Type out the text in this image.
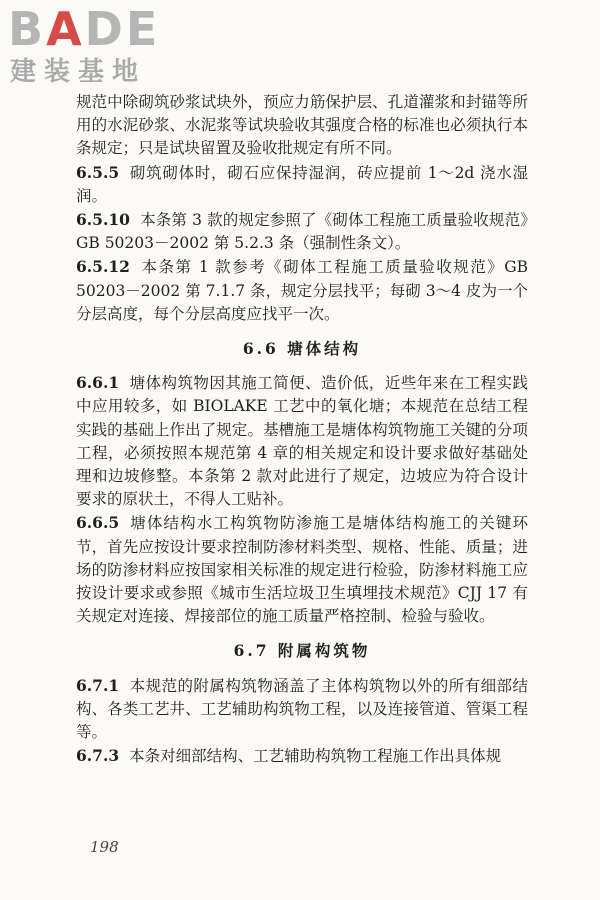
BADE
建装基地

规范中除砌筑砂浆试块外，预应力筋保护层、孔道灌浆和封锚等所用的水泥砂浆、水泥浆等试块验收其强度合格的标准也必须执行本条规定；只是试块留置及验收批规定有所不同。

6.5.5 砌筑砌体时，砌石应保持湿润，砖应提前 1～2d 浇水湿润。

6.5.10 本条第 3 款的规定参照了《砌体工程施工质量验收规范》GB 50203－2002 第 5.2.3 条（强制性条文）。

6.5.12 本条第 1 款参考《砌体工程施工质量验收规范》GB 50203－2002 第 7.1.7 条，规定分层找平；每砌 3～4 皮为一个分层高度，每个分层高度应找平一次。

6.6 塘体结构

6.6.1 塘体构筑物因其施工简便、造价低，近些年来在工程实践中应用较多，如 BIOLAKE 工艺中的氧化塘；本规范在总结工程实践的基础上作出了规定。基槽施工是塘体构筑物施工关键的分项工程，必须按照本规范第 4 章的相关规定和设计要求做好基础处理和边坡修整。本条第 2 款对此进行了规定，边坡应为符合设计要求的原状土，不得人工贴补。

6.6.5 塘体结构水工构筑物防渗施工是塘体结构施工的关键环节，首先应按设计要求控制防渗材料类型、规格、性能、质量；进场的防渗材料应按国家相关标准的规定进行检验，防渗材料施工应按设计要求或参照《城市生活垃圾卫生填埋技术规范》CJJ 17 有关规定对连接、焊接部位的施工质量严格控制、检验与验收。

6.7 附属构筑物

6.7.1 本规范的附属构筑物涵盖了主体构筑物以外的所有细部结构、各类工艺井、工艺辅助构筑物工程，以及连接管道、管渠工程等。

6.7.3 本条对细部结构、工艺辅助构筑物工程施工作出具体规

198
